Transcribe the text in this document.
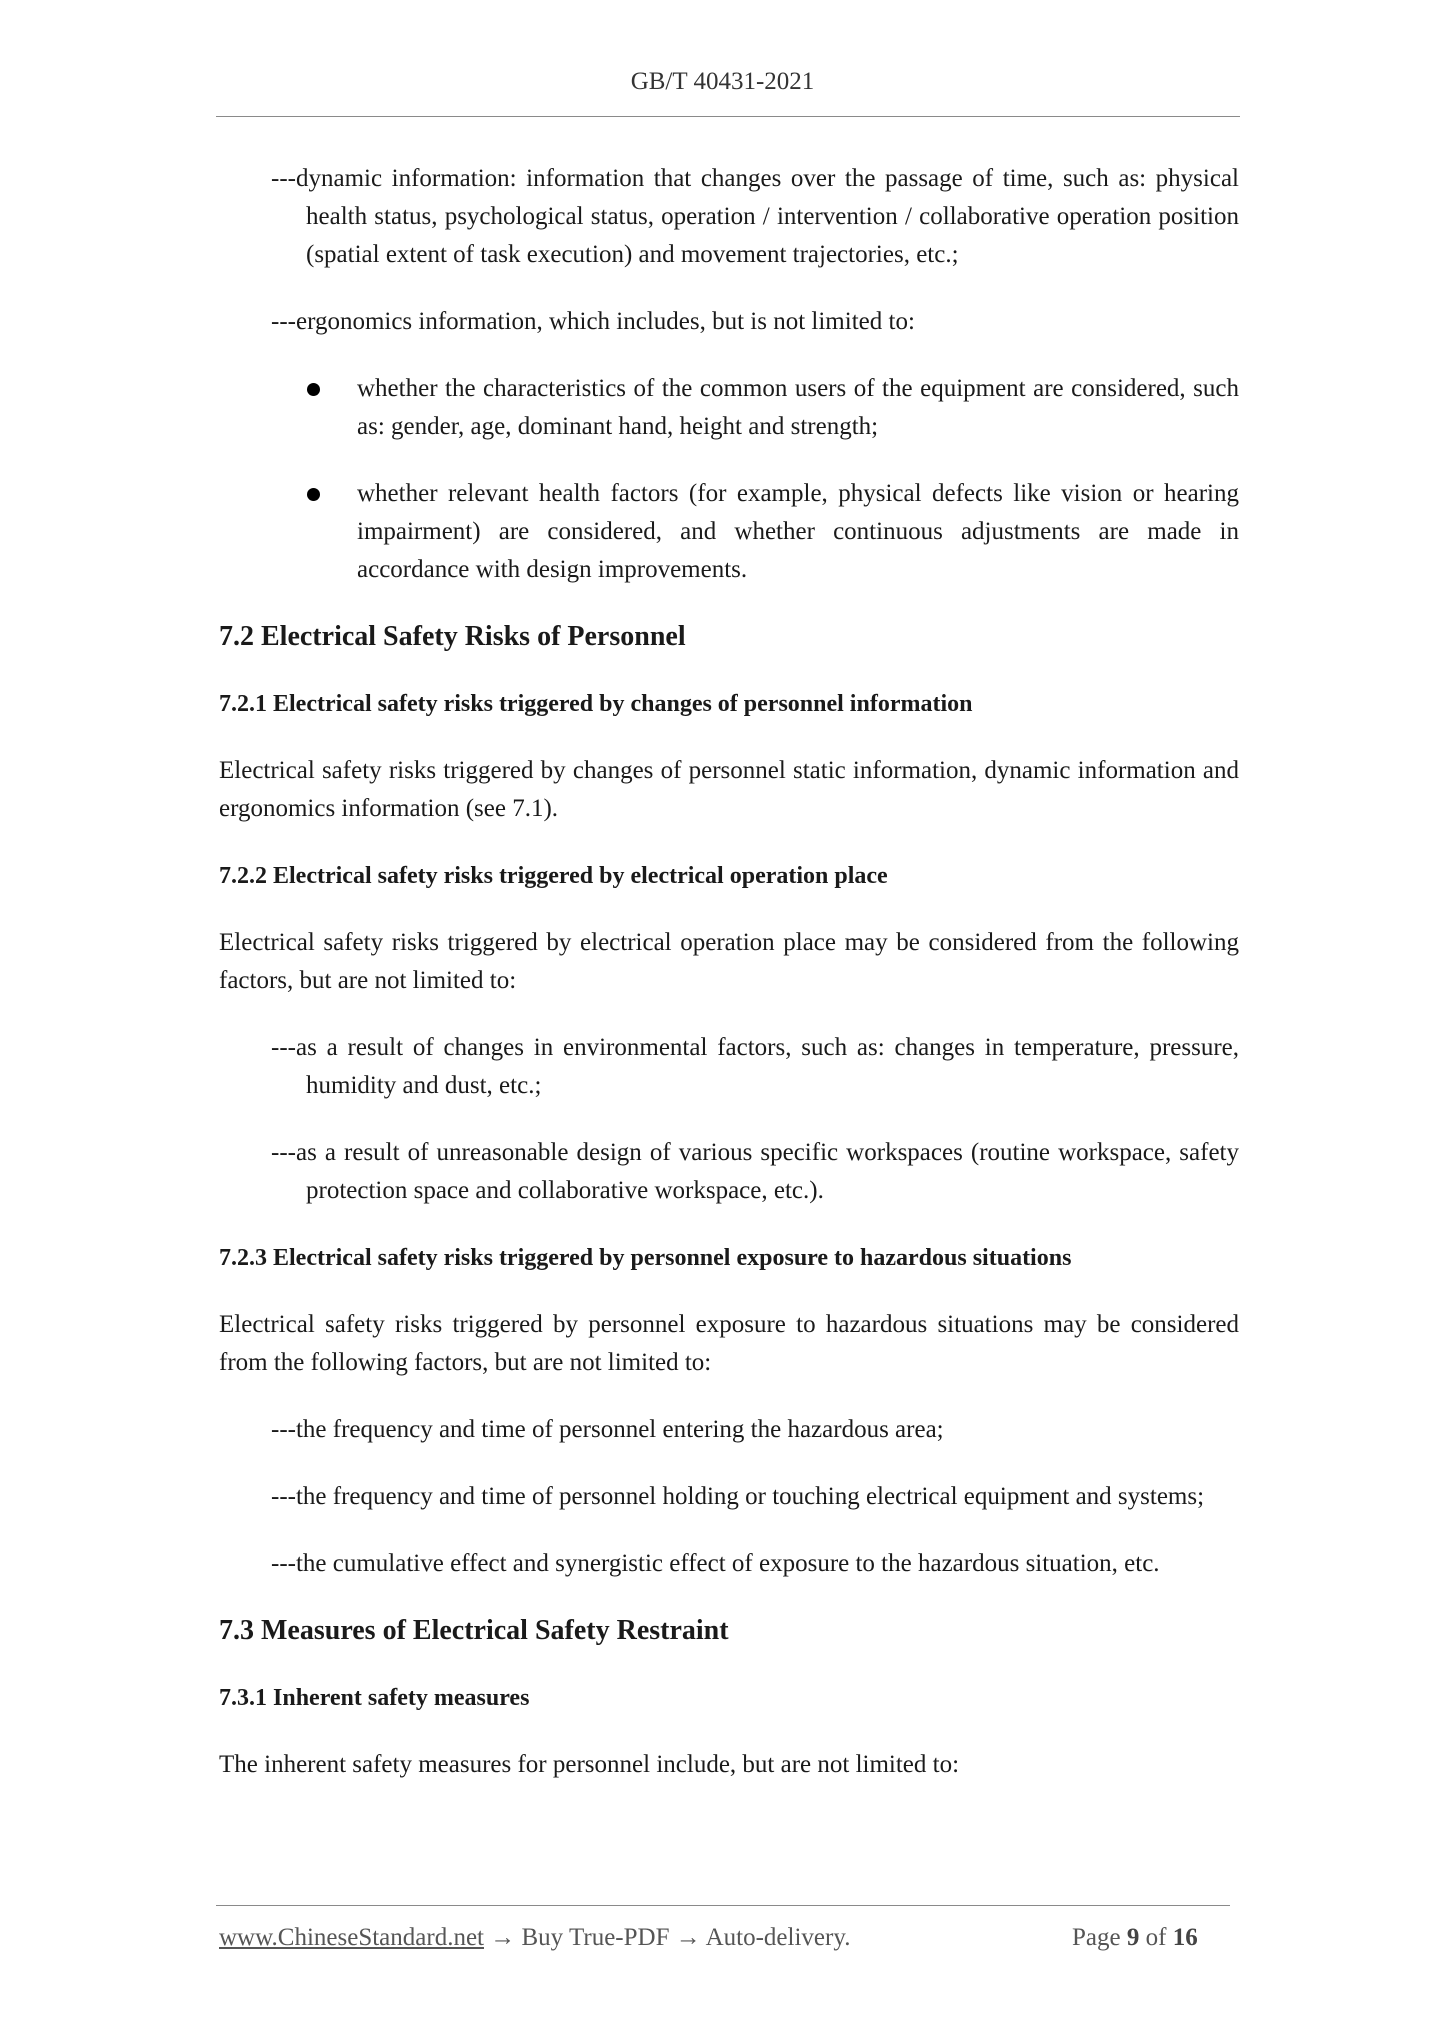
GB/T 40431-2021

---dynamic information: information that changes over the passage of time, such as: physical health status, psychological status, operation / intervention / collaborative operation position (spatial extent of task execution) and movement trajectories, etc.;

---ergonomics information, which includes, but is not limited to:

whether the characteristics of the common users of the equipment are considered, such as: gender, age, dominant hand, height and strength;
whether relevant health factors (for example, physical defects like vision or hearing impairment) are considered, and whether continuous adjustments are made in accordance with design improvements.
7.2 Electrical Safety Risks of Personnel
7.2.1 Electrical safety risks triggered by changes of personnel information

Electrical safety risks triggered by changes of personnel static information, dynamic information and ergonomics information (see 7.1).

7.2.2 Electrical safety risks triggered by electrical operation place

Electrical safety risks triggered by electrical operation place may be considered from the following factors, but are not limited to:

---as a result of changes in environmental factors, such as: changes in temperature, pressure, humidity and dust, etc.;

---as a result of unreasonable design of various specific workspaces (routine workspace, safety protection space and collaborative workspace, etc.).

7.2.3 Electrical safety risks triggered by personnel exposure to hazardous situations

Electrical safety risks triggered by personnel exposure to hazardous situations may be considered from the following factors, but are not limited to:

---the frequency and time of personnel entering the hazardous area;

---the frequency and time of personnel holding or touching electrical equipment and systems;

---the cumulative effect and synergistic effect of exposure to the hazardous situation, etc.

7.3 Measures of Electrical Safety Restraint
7.3.1 Inherent safety measures

The inherent safety measures for personnel include, but are not limited to:

www.ChineseStandard.net → Buy True-PDF → Auto-delivery.	Page 9 of 16
